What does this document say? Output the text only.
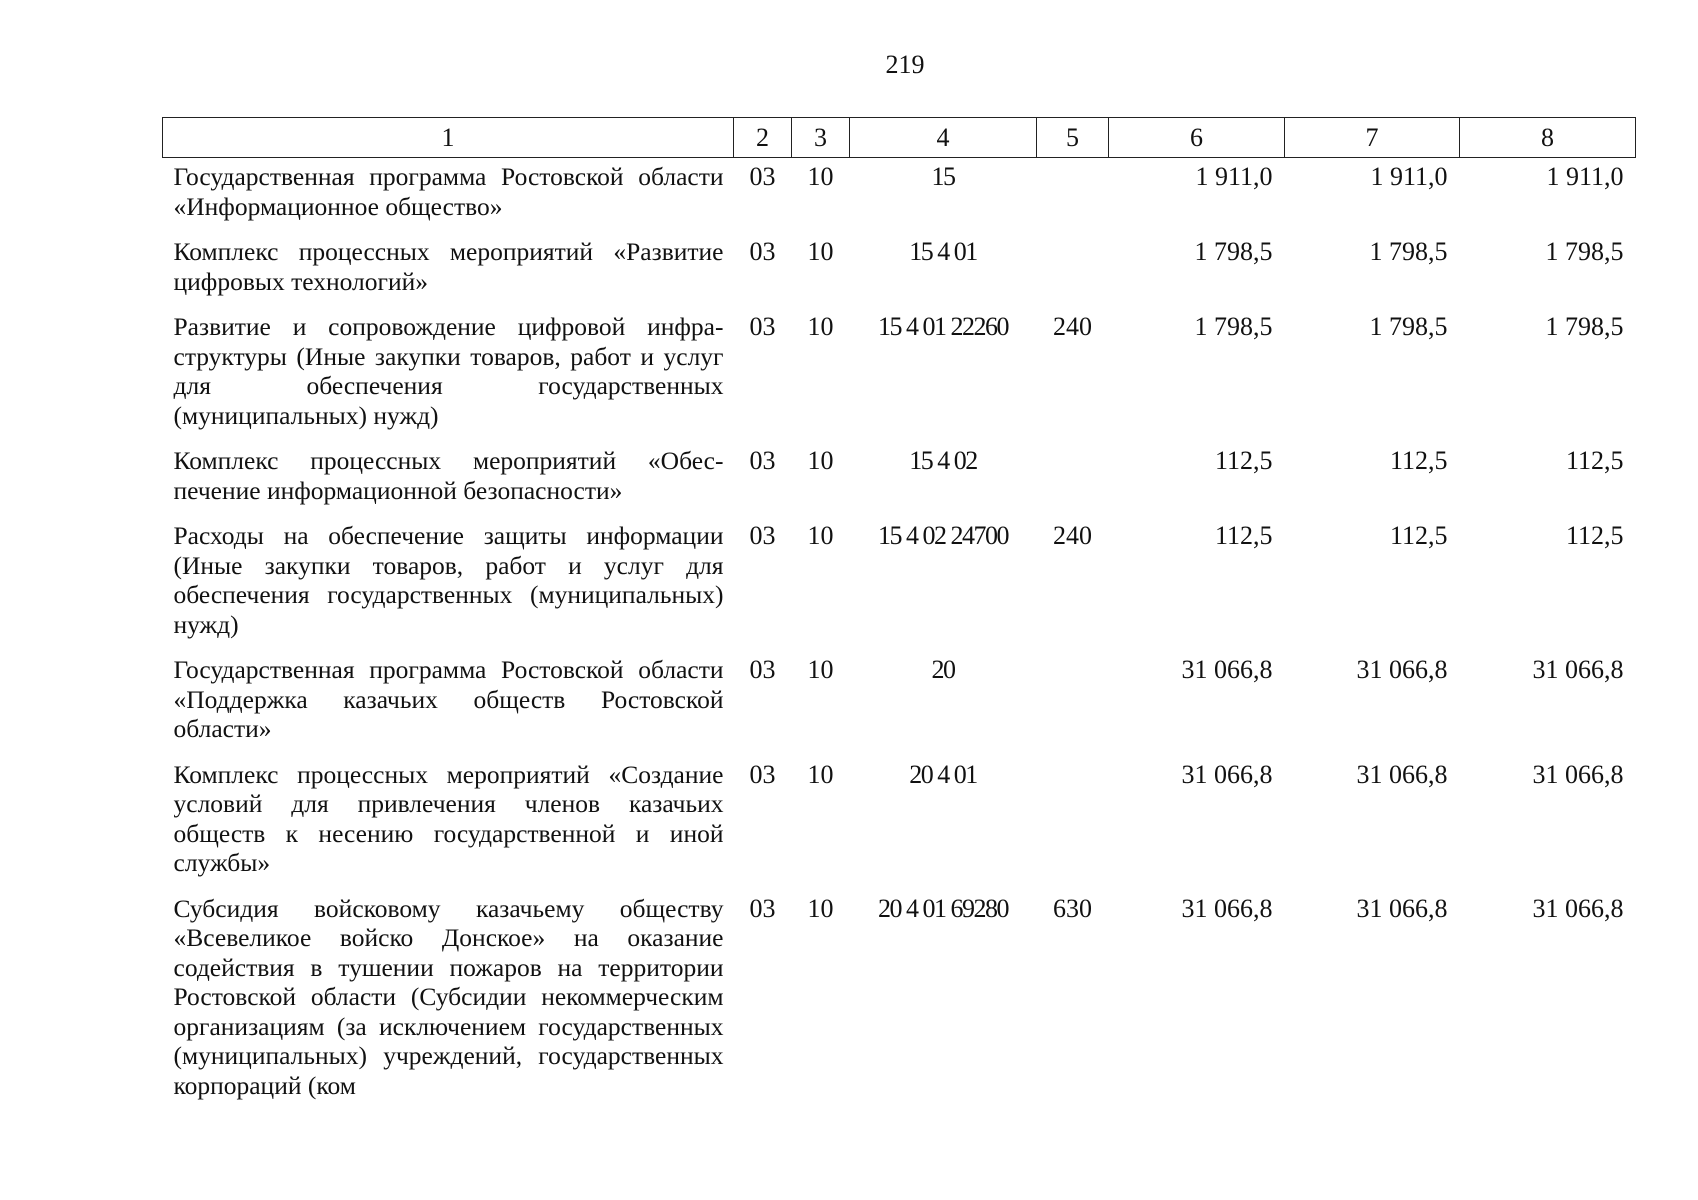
219
1	2	3	4	5	6	7	8
Государственная программа Ростовской области «Информационное общество»	03	10	15		1 911,0	1 911,0	1 911,0
Комплекс процессных мероприятий «Развитие цифровых технологий»	03	10	15 4 01		1 798,5	1 798,5	1 798,5
Развитие и сопровождение цифровой инфраструктуры (Иные закупки товаров, работ и услуг для обеспечения государственных (муниципальных) нужд)	03	10	15 4 01 22260	240	1 798,5	1 798,5	1 798,5
Комплекс процессных мероприятий «Обеспечение информационной безопасности»	03	10	15 4 02		112,5	112,5	112,5
Расходы на обеспечение защиты информации (Иные закупки товаров, работ и услуг для обеспечения государственных (муниципальных) нужд)	03	10	15 4 02 24700	240	112,5	112,5	112,5
Государственная программа Ростовской области «Поддержка казачьих обществ Ростовской области»	03	10	20		31 066,8	31 066,8	31 066,8
Комплекс процессных мероприятий «Создание условий для привлечения членов казачьих обществ к несению государственной и иной службы»	03	10	20 4 01		31 066,8	31 066,8	31 066,8
Субсидия войсковому казачьему обществу «Всевеликое войско Донское» на оказание содействия в тушении пожаров на территории Ростовской области (Субсидии некоммерческим организациям (за исключением государственных (муниципальных) учреждений, государственных корпораций (ком	03	10	20 4 01 69280	630	31 066,8	31 066,8	31 066,8
